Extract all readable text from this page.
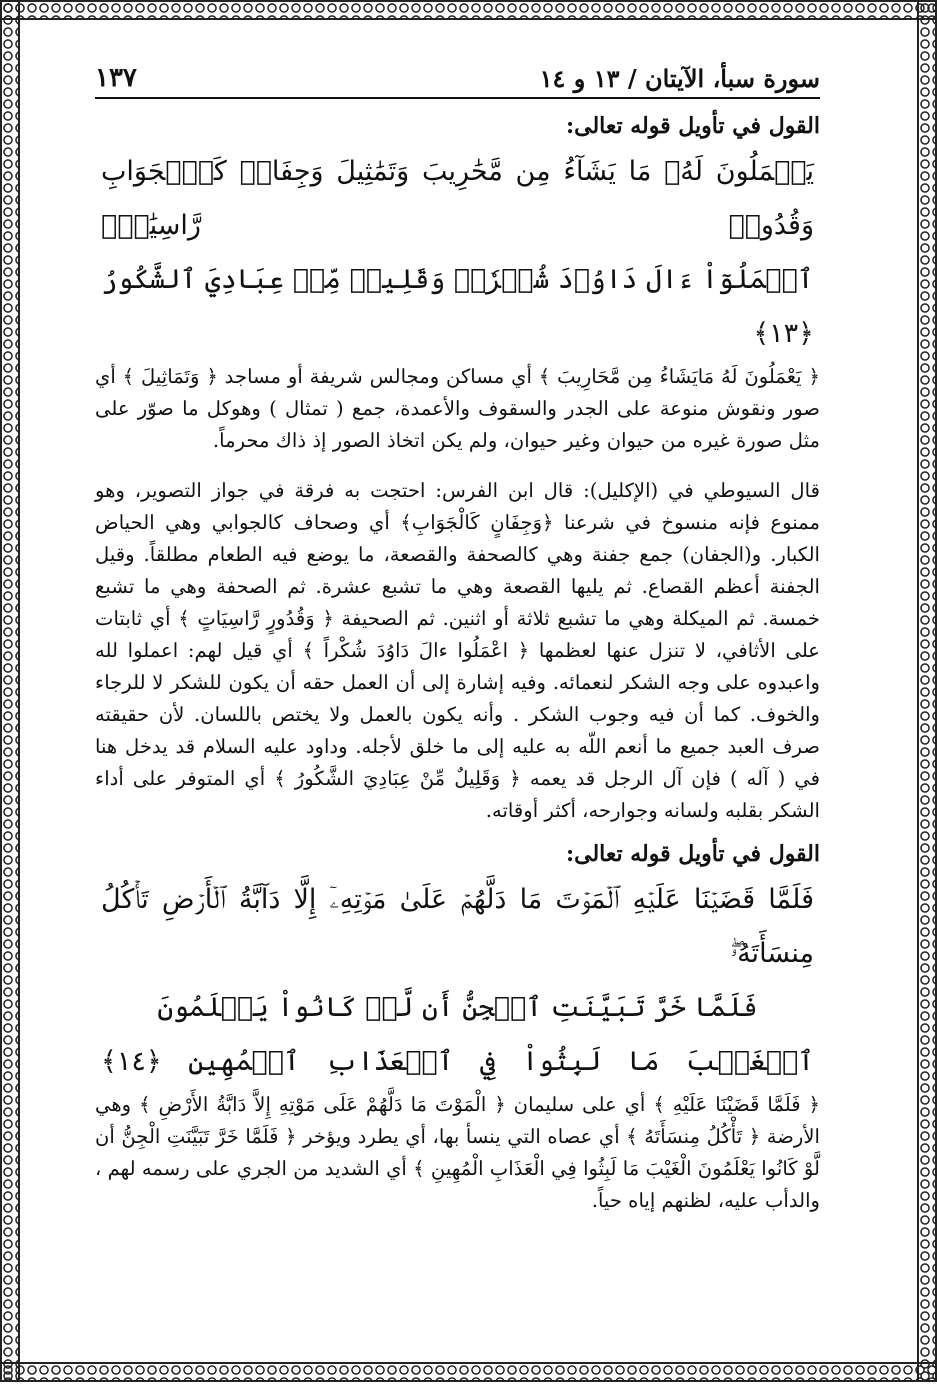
سورة سبأ، الآيتان / ١٣ و ١٤
١٣٧
القول في تأويل قوله تعالى:
يَعۡمَلُونَ لَهُۥ مَا يَشَآءُ مِن مَّحَٰرِيبَ وَتَمَٰثِيلَ وَجِفَانٖ كَٱلۡجَوَابِ وَقُدُورٖ رَّاسِيَٰتٍۚ
ٱعۡمَلُوٓاْ ءَالَ دَاوُۥدَ شُكۡرٗاۚ وَقَلِيلٞ مِّنۡ عِبَادِيَ ٱلشَّكُورُ ﴿١٣﴾

﴿ يَعْمَلُونَ لَهُ مَايَشَاءُ مِن مَّحَارِيبَ ﴾ أي مساكن ومجالس شريفة أو مساجد ﴿ وَتَمَاثِيلَ ﴾ أي صور ونقوش منوعة على الجدر والسقوف والأعمدة، جمع ( تمثال ) وهوكل ما صوّر على مثل صورة غيره من حيوان وغير حيوان، ولم يكن اتخاذ الصور إذ ذاك محرماً.

قال السيوطي في (الإكليل): قال ابن الفرس: احتجت به فرقة في جواز التصوير، وهو ممنوع فإنه منسوخ في شرعنا ﴿وَجِفَانٍ كَالْجَوَابِ﴾ أي وصحاف كالجوابي وهي الحياض الكبار. و(الجفان) جمع جفنة وهي كالصحفة والقصعة، ما يوضع فيه الطعام مطلقاً. وقيل الجفنة أعظم القصاع. ثم يليها القصعة وهي ما تشبع عشرة. ثم الصحفة وهي ما تشبع خمسة. ثم الميكلة وهي ما تشبع ثلاثة أو اثنين. ثم الصحيفة ﴿ وَقُدُورٍ رَّاسِيَاتٍ ﴾ أي ثابتات على الأثافي، لا تنزل عنها لعظمها ﴿ اعْمَلُوا ءالَ دَاوُدَ شُكْراً ﴾ أي قيل لهم: اعملوا لله واعبدوه على وجه الشكر لنعمائه. وفيه إشارة إلى أن العمل حقه أن يكون للشكر لا للرجاء والخوف. كما أن فيه وجوب الشكر . وأنه يكون بالعمل ولا يختص باللسان. لأن حقيقته صرف العبد جميع ما أنعم اللّه به عليه إلى ما خلق لأجله. وداود عليه السلام قد يدخل هنا في ( آله ) فإن آل الرجل قد يعمه ﴿ وَقَلِيلٌ مِّنْ عِبَادِيَ الشَّكُورُ ﴾ أي المتوفر على أداء الشكر بقلبه ولسانه وجوارحه، أكثر أوقاته.

القول في تأويل قوله تعالى:
فَلَمَّا قَضَيۡنَا عَلَيۡهِ ٱلۡمَوۡتَ مَا دَلَّهُمۡ عَلَىٰ مَوۡتِهِۦٓ إِلَّا دَآبَّةُ ٱلۡأَرۡضِ تَأۡكُلُ مِنسَأَتَهُۥۖ
فَلَمَّا خَرَّ تَبَيَّنَتِ ٱلۡجِنُّ أَن لَّوۡ كَانُواْ يَعۡلَمُونَ ٱلۡغَيۡبَ مَا لَبِثُواْ فِي ٱلۡعَذَابِ ٱلۡمُهِينِ ﴿١٤﴾

﴿ فَلَمَّا قَضَيْنَا عَلَيْهِ ﴾ أي على سليمان ﴿ الْمَوْتَ مَا دَلَّهُمْ عَلَى مَوْتِهِ إِلاَّ دَابَّةُ الأَرْضِ ﴾ وهي الأرضة ﴿ تَأْكُلُ مِنسَأَتَهُ ﴾ أي عصاه التي ينسأ بها، أي يطرد ويؤخر ﴿ فَلَمَّا خَرَّ تَبَيَّنَتِ الْجِنُّ أن لَّوْ كَانُوا يَعْلَمُونَ الْغَيْبَ مَا لَبِثُوا فِي الْعَذَابِ الْمُهِينِ ﴾ أي الشديد من الجري على رسمه لهم ، والدأب عليه، لظنهم إياه حياً.
